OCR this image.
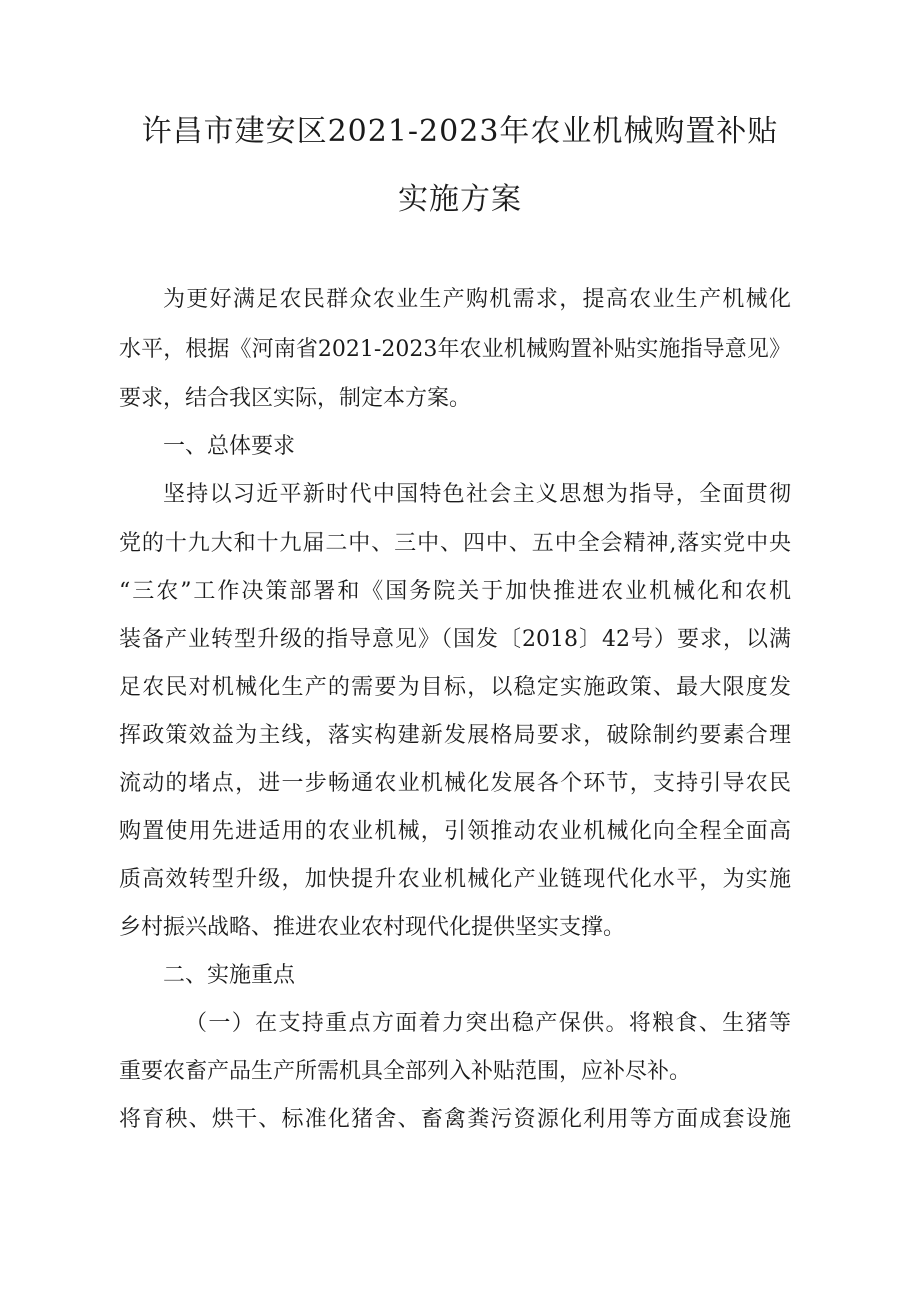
许昌市建安区2021-2023年农业机械购置补贴
实施方案
为更好满足农民群众农业生产购机需求，提高农业生产机械化
水平，根据《河南省2021-2023年农业机械购置补贴实施指导意见》
要求，结合我区实际，制定本方案。
一、总体要求
坚持以习近平新时代中国特色社会主义思想为指导，全面贯彻
党的十九大和十九届二中、三中、四中、五中全会精神,落实党中央
“三农”工作决策部署和《国务院关于加快推进农业机械化和农机
装备产业转型升级的指导意见》（国发〔2018〕42号）要求，以满
足农民对机械化生产的需要为目标，以稳定实施政策、最大限度发
挥政策效益为主线，落实构建新发展格局要求，破除制约要素合理
流动的堵点，进一步畅通农业机械化发展各个环节，支持引导农民
购置使用先进适用的农业机械，引领推动农业机械化向全程全面高
质高效转型升级，加快提升农业机械化产业链现代化水平，为实施
乡村振兴战略、推进农业农村现代化提供坚实支撑。
二、实施重点
（一）在支持重点方面着力突出稳产保供。将粮食、生猪等
重要农畜产品生产所需机具全部列入补贴范围，应补尽补。
将育秧、烘干、标准化猪舍、畜禽粪污资源化利用等方面成套设施
